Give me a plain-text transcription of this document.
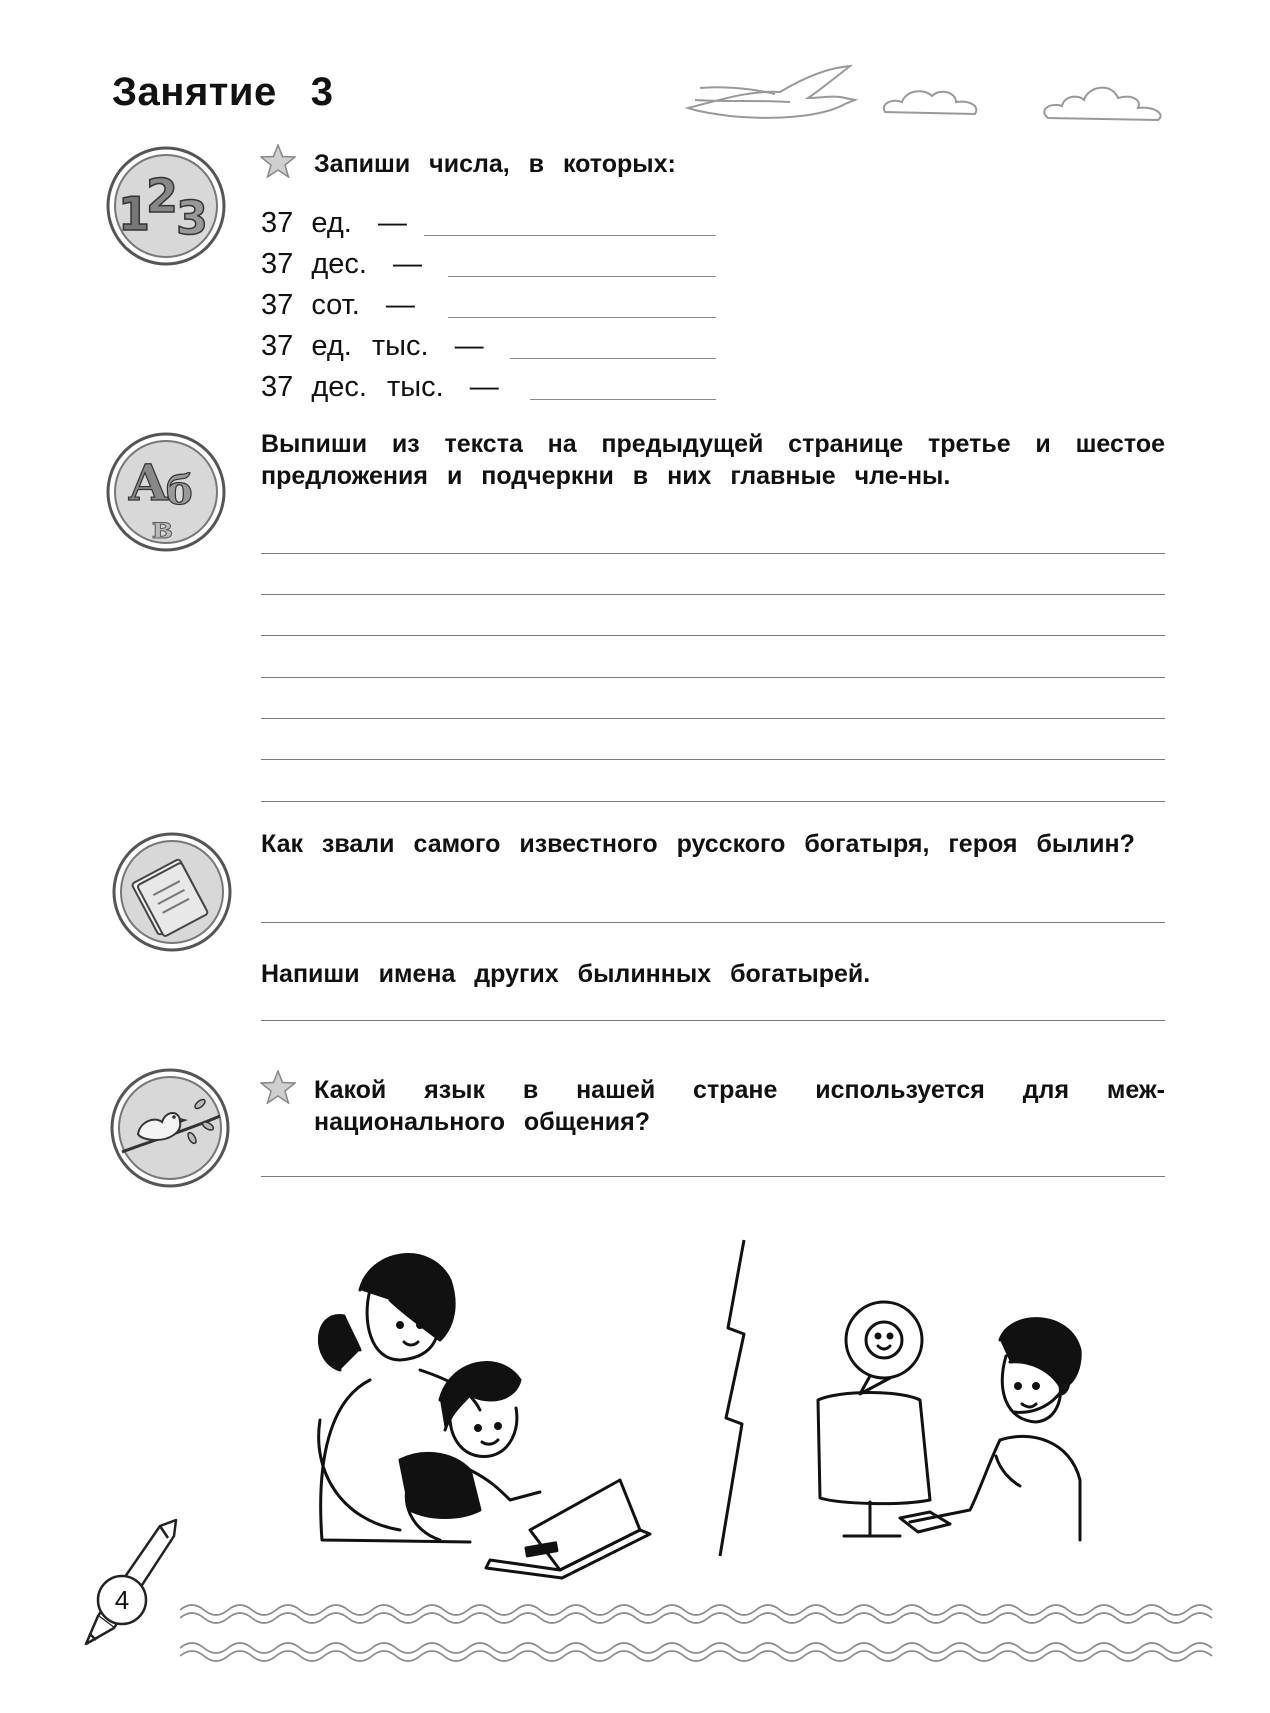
Занятие 3
1
2
3
Запиши числа, в которых:
37 ед. —
37 дес. —
37 сот. —
37 ед. тыс. —
37 дес. тыс. —
А
б
в
Выпиши из текста на предыдущей странице третье и шестое предложения и подчеркни в них главные чле-ны.
Как звали самого известного русского богатыря, героя былин?
Напиши имена других былинных богатырей.
Какой язык в нашей стране используется для меж-национального общения?
4
